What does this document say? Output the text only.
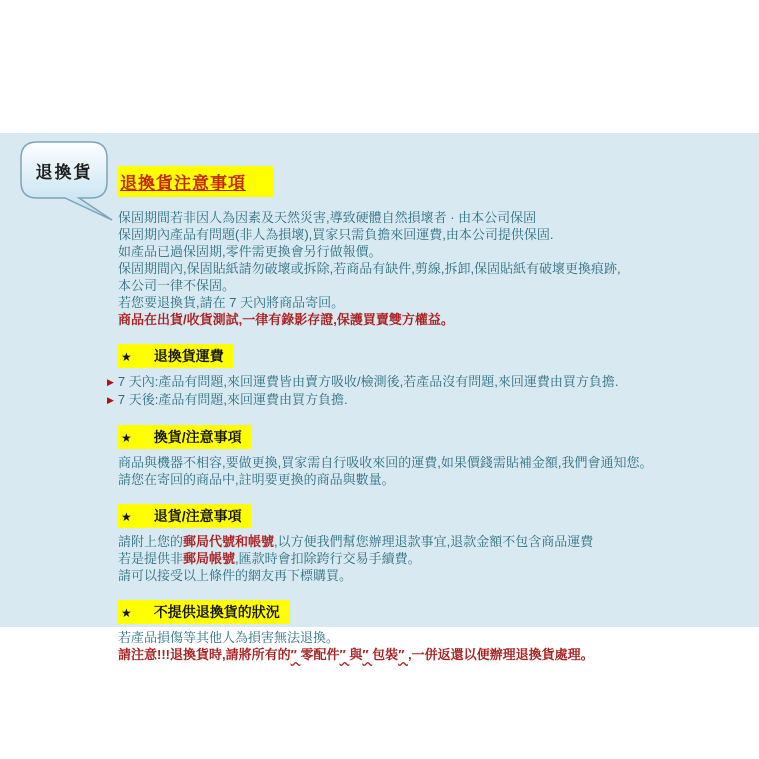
退換貨
退換貨注意事項
保固期間若非因人為因素及天然災害,導致硬體自然損壞者 · 由本公司保固
保固期內產品有問題(非人為損壞),買家只需負擔來回運費,由本公司提供保固.
如產品已過保固期,零件需更換會另行做報價。
保固期間內,保固貼紙請勿破壞或拆除,若商品有缺件,剪線,拆卸,保固貼紙有破壞更換痕跡,
本公司一律不保固。
若您要退換貨,請在 7 天內將商品寄回。
商品在出貨/收貨測試,一律有錄影存證,保護買賣雙方權益。
★ 退換貨運費
▶ 7 天內:產品有問題,來回運費皆由賣方吸收/檢測後,若產品沒有問題,來回運費由買方負擔.
▶ 7 天後:產品有問題,來回運費由買方負擔.
★ 換貨/注意事項
商品與機器不相容,要做更換,買家需自行吸收來回的運費,如果價錢需貼補金額,我們會通知您。
請您在寄回的商品中,註明要更換的商品與數量。
★ 退貨/注意事項
請附上您的郵局代號和帳號,以方便我們幫您辦理退款事宜,退款金額不包含商品運費
若是提供非郵局帳號,匯款時會扣除跨行交易手續費。
請可以接受以上條件的網友再下標購買。
★ 不提供退換貨的狀況
若產品損傷等其他人為損害無法退換。
請注意!!!退換貨時,請將所有的″ 零配件″ 與″ 包裝″ ,一併返還以便辦理退換貨處理。
